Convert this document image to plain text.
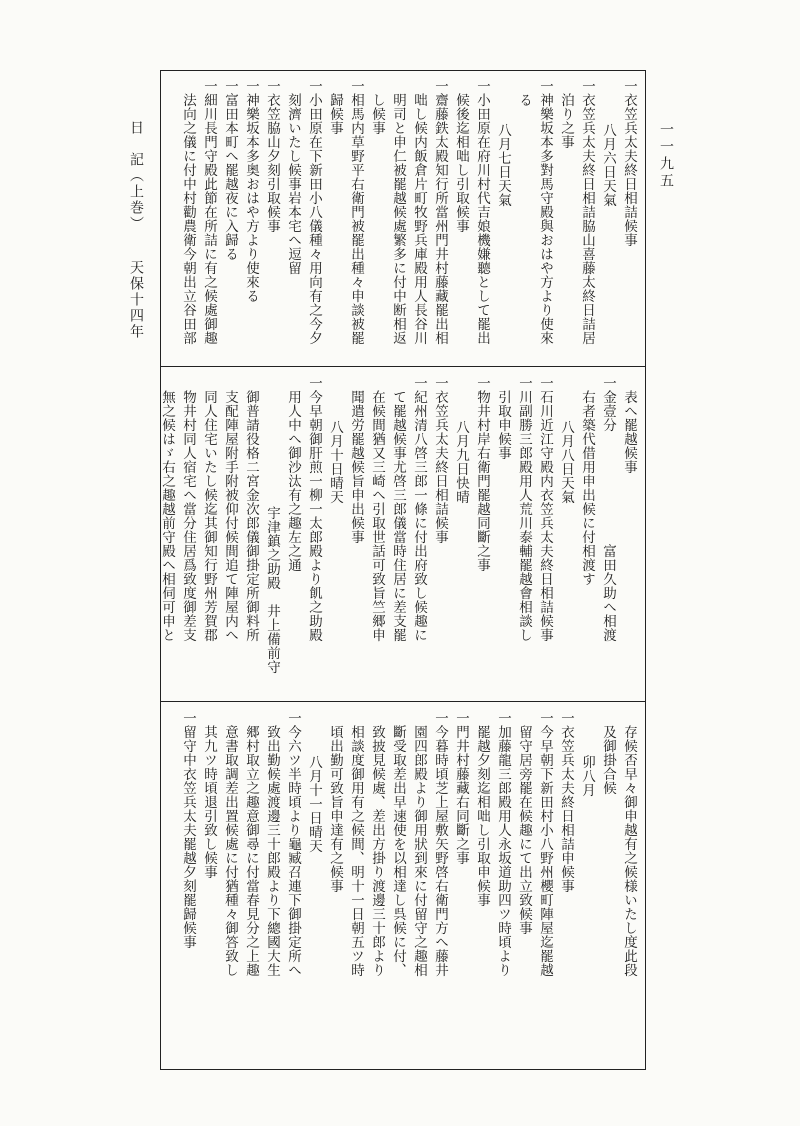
日　記（上巻）天保十四年
一一九五
一衣笠兵太夫終日相詰候事
八月六日天氣
一衣笠兵太夫終日相詰脇山喜藤太終日詰居
泊り之事
一神樂坂本多對馬守殿與おはや方より使來
る
八月七日天氣
一小田原在府川村代吉娘機嫌聽として罷出
候後迄相咄し引取候事
一齋藤鉄太殿知行所當州門井村藤藏罷出相
咄し候内飯倉片町牧野兵庫殿用人長谷川
明司と申仁被罷越候處繁多に付中断相返
し候事
一相馬内草野平右衛門被罷出種々申談被罷
歸候事
一小田原在下新田小八儀種々用向有之今夕
刻濟いたし候事岩本宅へ逗留
一衣笠脇山夕刻引取候事
一神樂坂本多奥おはや方より使來る
一富田本町へ罷越夜に入歸る
一細川長門守殿此節在所詰に有之候處御趣
法向之儀に付中村勸農衛今朝出立谷田部
表へ罷越候事
一金壹分　　　　　　　　富田久助へ相渡
右者築代借用申出候に付相渡す
八月八日天氣
一石川近江守殿内衣笠兵太夫終日相詰候事
一川副勝三郎殿用人荒川泰輔罷越會相談し
引取申候事
一物井村岸右衛門罷越同斷之事
八月九日快晴
一衣笠兵太夫終日相詰候事
一紀州清八啓三郎一條に付出府致し候趣に
て罷越候事尤啓三郎儀當時住居に差支罷
在候間猶又三崎へ引取世話可致旨竺郷申
聞遣労罷越候旨申出候事
八月十日晴天
一今早朝御肝煎一柳一太郎殿より飢之助殿
用人中へ御沙汰有之趣左之通
宇津鎮之助殿　井上備前守
御普請役格二宮金次郎儀御掛定所御料所
支配陣屋附手附被仰付候間追て陣屋内へ
同人住宅いたし候迄其御知行野州芳賀郡
物井村同人宿宅へ當分住居爲致度御差支
無之候はゞ右之趣越前守殿へ相伺可申と
存候否早々御申越有之候様いたし度此段
及御掛合候
卯八月
一衣笠兵太夫終日相詰申候事
一今早朝下新田村小八野州櫻町陣屋迄罷越
留守居旁罷在候趣にて出立致候事
一加藤龍三郎殿用人永坂道助四ツ時頃より
罷越夕刻迄相咄し引取申候事
一門井村藤藏右同斷之事
一今暮時頃芝上屋敷矢野啓右衛門方へ藤井
園四郎殿より御用狀到來に付留守之趣相
斷受取差出早速使を以相達し呉候に付、
致披見候處、差出方掛り渡邊三十郎より
相談度御用有之候間、明十一日朝五ツ時
頃出勤可致旨申達有之候事
八月十一日晴天
一今六ツ半時頃より龜臧召連下御掛定所へ
致出勤候處渡邊三十郎殿より下總國大生
郷村取立之趣意御尋に付當春見分之上趣
意書取調差出置候處に付猶種々御答致し
其九ツ時頃退引致し候事
一留守中衣笠兵太夫罷越夕刻罷歸候事
